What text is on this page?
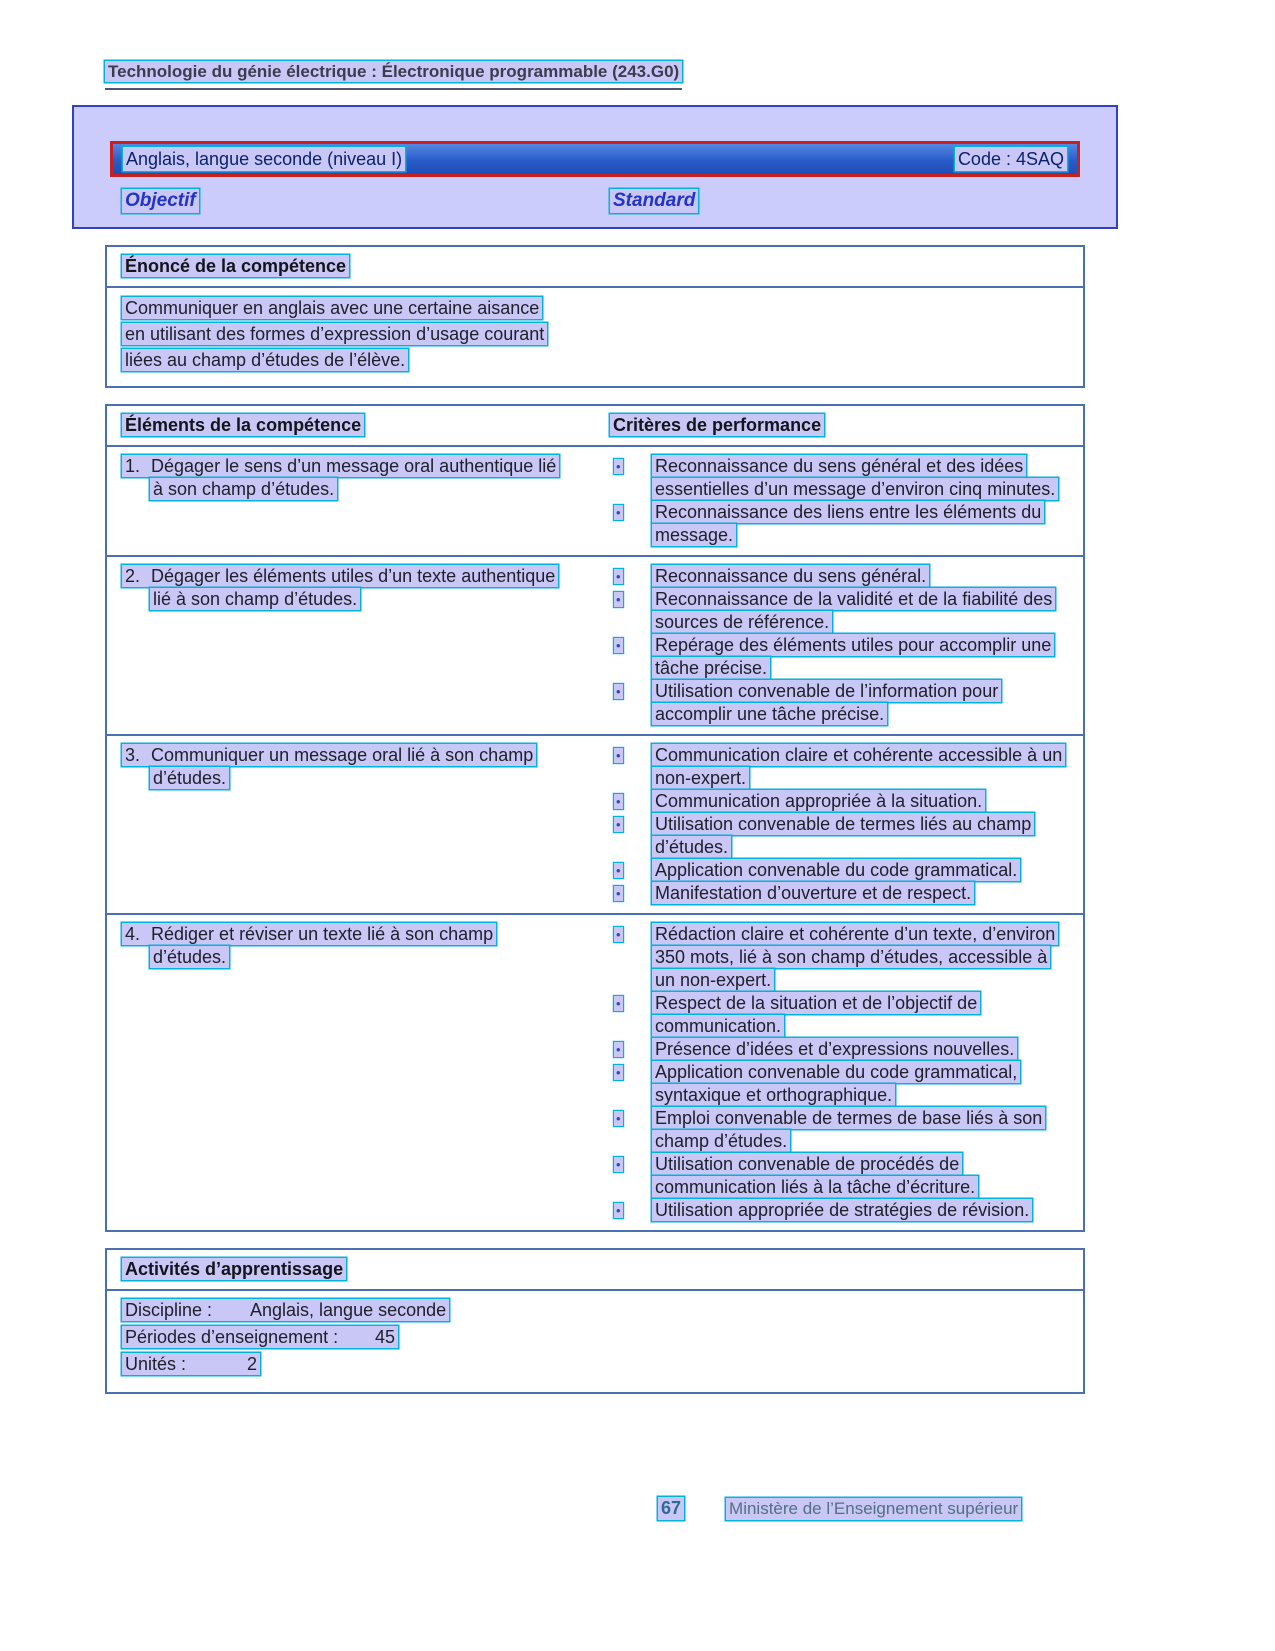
Technologie du génie électrique : Électronique programmable (243.G0)
Anglais, langue seconde (niveau I)	Code : 4SAQ
Objectif	Standard
Énoncé de la compétence
Communiquer en anglais avec une certaine aisance
en utilisant des formes d’expression d’usage courant
liées au champ d’études de l’élève.
Éléments de la compétence	Critères de performance
1. Dégager le sens d’un message oral authentique lié à son champ d’études.
•	Reconnaissance du sens général et des idées essentielles d’un message d’environ cinq minutes.
•	Reconnaissance des liens entre les éléments du message.
2. Dégager les éléments utiles d’un texte authentique lié à son champ d’études.
•	Reconnaissance du sens général.
•	Reconnaissance de la validité et de la fiabilité des sources de référence.
•	Repérage des éléments utiles pour accomplir une tâche précise.
•	Utilisation convenable de l’information pour accomplir une tâche précise.
3. Communiquer un message oral lié à son champ d’études.
•	Communication claire et cohérente accessible à un non-expert.
•	Communication appropriée à la situation.
•	Utilisation convenable de termes liés au champ d’études.
•	Application convenable du code grammatical.
•	Manifestation d’ouverture et de respect.
4. Rédiger et réviser un texte lié à son champ d’études.
•	Rédaction claire et cohérente d’un texte, d’environ 350 mots, lié à son champ d’études, accessible à un non-expert.
•	Respect de la situation et de l’objectif de communication.
•	Présence d’idées et d’expressions nouvelles.
•	Application convenable du code grammatical, syntaxique et orthographique.
•	Emploi convenable de termes de base liés à son champ d’études.
•	Utilisation convenable de procédés de communication liés à la tâche d’écriture.
•	Utilisation appropriée de stratégies de révision.
Activités d’apprentissage
Discipline : Anglais, langue seconde
Périodes d’enseignement : 45
Unités :	2
67	Ministère de l’Enseignement supérieur
